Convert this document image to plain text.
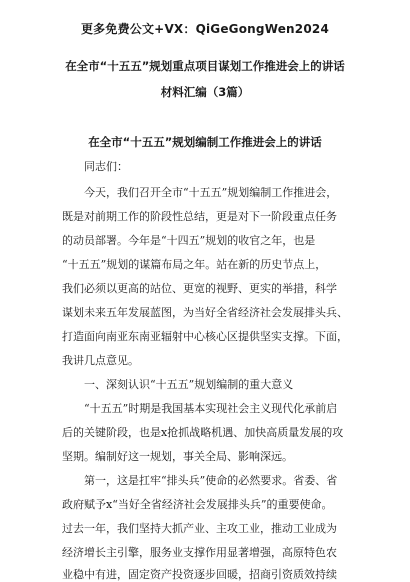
更多免费公文+VX：QiGeGongWen2024
在全市“十五五”规划重点项目谋划工作推进会上的讲话
材料汇编（3篇）
在全市“十五五”规划编制工作推进会上的讲话
同志们：
今天，我们召开全市“十五五”规划编制工作推进会，
既是对前期工作的阶段性总结，更是对下一阶段重点任务
的动员部署。今年是“十四五”规划的收官之年，也是
“十五五”规划的谋篇布局之年。站在新的历史节点上，
我们必须以更高的站位、更宽的视野、更实的举措，科学
谋划未来五年发展蓝图，为当好全省经济社会发展排头兵、
打造面向南亚东南亚辐射中心核心区提供坚实支撑。下面，
我讲几点意见。
一、深刻认识“十五五”规划编制的重大意义
“十五五”时期是我国基本实现社会主义现代化承前启
后的关键阶段，也是x抢抓战略机遇、加快高质量发展的攻
坚期。编制好这一规划，事关全局、影响深远。
第一，这是扛牢“排头兵”使命的必然要求。省委、省
政府赋予x“当好全省经济社会发展排头兵”的重要使命。
过去一年，我们坚持大抓产业、主攻工业，推动工业成为
经济增长主引擎，服务业支撑作用显著增强，高原特色农
业稳中有进，固定资产投资逐步回暖，招商引资质效持续
